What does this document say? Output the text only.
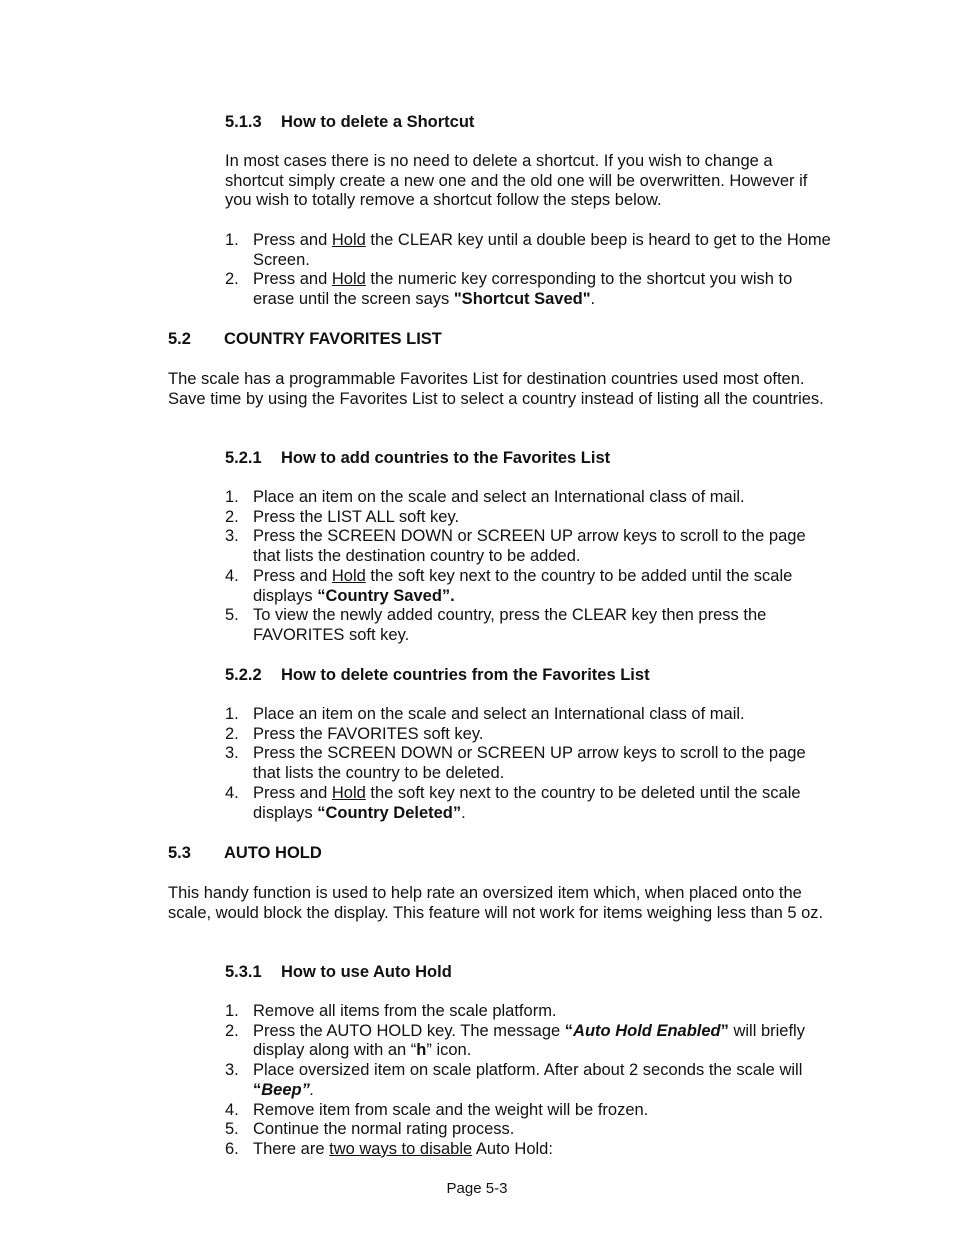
5.1.3 How to delete a Shortcut

In most cases there is no need to delete a shortcut. If you wish to change a shortcut simply create a new one and the old one will be overwritten. However if you wish to totally remove a shortcut follow the steps below.

1. Press and Hold the CLEAR key until a double beep is heard to get to the Home Screen.
2. Press and Hold the numeric key corresponding to the shortcut you wish to erase until the screen says "Shortcut Saved".
5.2 COUNTRY FAVORITES LIST

The scale has a programmable Favorites List for destination countries used most often. Save time by using the Favorites List to select a country instead of listing all the countries.

5.2.1 How to add countries to the Favorites List
1. Place an item on the scale and select an International class of mail.
2. Press the LIST ALL soft key.
3. Press the SCREEN DOWN or SCREEN UP arrow keys to scroll to the page that lists the destination country to be added.
4. Press and Hold the soft key next to the country to be added until the scale displays “Country Saved”.
5. To view the newly added country, press the CLEAR key then press the FAVORITES soft key.
5.2.2 How to delete countries from the Favorites List
1. Place an item on the scale and select an International class of mail.
2. Press the FAVORITES soft key.
3. Press the SCREEN DOWN or SCREEN UP arrow keys to scroll to the page that lists the country to be deleted.
4. Press and Hold the soft key next to the country to be deleted until the scale displays “Country Deleted”.
5.3 AUTO HOLD

This handy function is used to help rate an oversized item which, when placed onto the scale, would block the display. This feature will not work for items weighing less than 5 oz.

5.3.1 How to use Auto Hold
1. Remove all items from the scale platform.
2. Press the AUTO HOLD key. The message “Auto Hold Enabled” will briefly display along with an “h” icon.
3. Place oversized item on scale platform. After about 2 seconds the scale will “Beep”.
4. Remove item from scale and the weight will be frozen.
5. Continue the normal rating process.
6. There are two ways to disable Auto Hold:
Page 5-3
